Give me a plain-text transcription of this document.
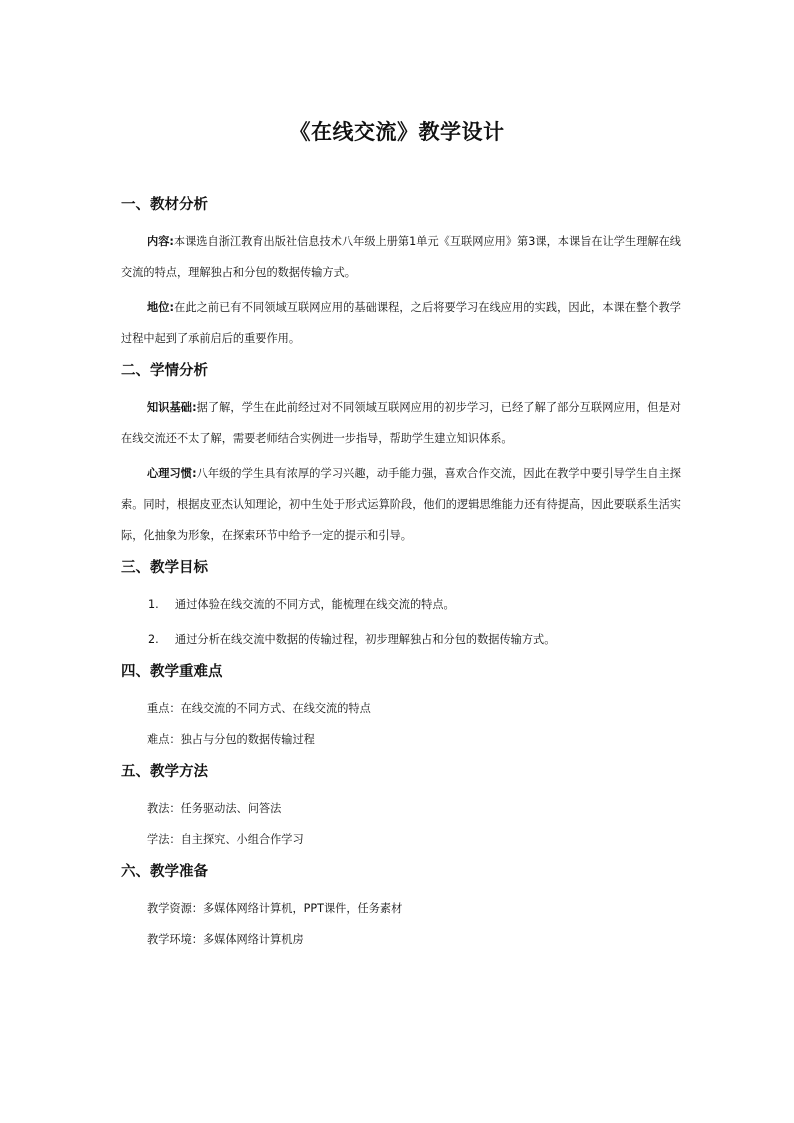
《在线交流》教学设计
一、教材分析

内容:本课选自浙江教育出版社信息技术八年级上册第1单元《互联网应用》第3课，本课旨在让学生理解在线交流的特点，理解独占和分包的数据传输方式。

地位:在此之前已有不同领域互联网应用的基础课程，之后将要学习在线应用的实践，因此，本课在整个教学过程中起到了承前启后的重要作用。

二、学情分析

知识基础:据了解，学生在此前经过对不同领域互联网应用的初步学习，已经了解了部分互联网应用，但是对在线交流还不太了解，需要老师结合实例进一步指导，帮助学生建立知识体系。

心理习惯:八年级的学生具有浓厚的学习兴趣，动手能力强，喜欢合作交流，因此在教学中要引导学生自主探索。同时，根据皮亚杰认知理论，初中生处于形式运算阶段，他们的逻辑思维能力还有待提高，因此要联系生活实际，化抽象为形象，在探索环节中给予一定的提示和引导。

三、教学目标
1. 通过体验在线交流的不同方式，能梳理在线交流的特点。
2. 通过分析在线交流中数据的传输过程，初步理解独占和分包的数据传输方式。
四、教学重难点

重点：在线交流的不同方式、在线交流的特点

难点：独占与分包的数据传输过程

五、教学方法

教法：任务驱动法、问答法

学法：自主探究、小组合作学习

六、教学准备

教学资源：多媒体网络计算机，PPT课件，任务素材

教学环境：多媒体网络计算机房
